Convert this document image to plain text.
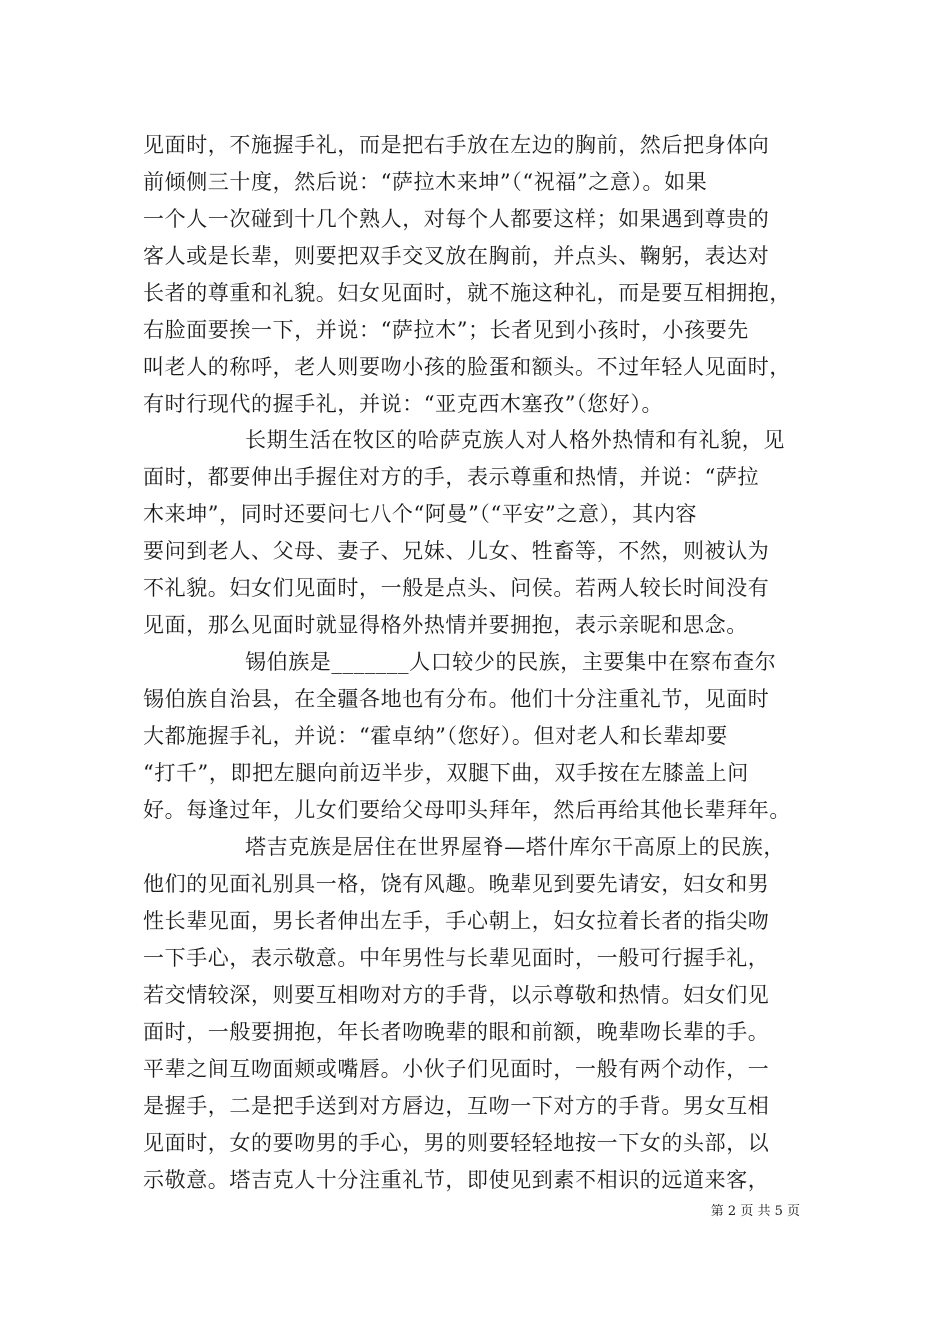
见面时，不施握手礼，而是把右手放在左边的胸前，然后把身体向
前倾侧三十度，然后说：“萨拉木来坤”（“祝福”之意）。如果
一个人一次碰到十几个熟人，对每个人都要这样；如果遇到尊贵的
客人或是长辈，则要把双手交叉放在胸前，并点头、鞠躬，表达对
长者的尊重和礼貌。妇女见面时，就不施这种礼，而是要互相拥抱，
右脸面要挨一下，并说：“萨拉木”；长者见到小孩时，小孩要先
叫老人的称呼，老人则要吻小孩的脸蛋和额头。不过年轻人见面时，
有时行现代的握手礼，并说：“亚克西木塞孜”（您好）。
长期生活在牧区的哈萨克族人对人格外热情和有礼貌，见
面时，都要伸出手握住对方的手，表示尊重和热情，并说：“萨拉
木来坤”，同时还要问七八个“阿曼”（“平安”之意），其内容
要问到老人、父母、妻子、兄妹、儿女、牲畜等，不然，则被认为
不礼貌。妇女们见面时，一般是点头、问侯。若两人较长时间没有
见面，那么见面时就显得格外热情并要拥抱，表示亲昵和思念。
锡伯族是_______人口较少的民族，主要集中在察布查尔
锡伯族自治县，在全疆各地也有分布。他们十分注重礼节，见面时
大都施握手礼，并说：“霍卓纳”（您好）。但对老人和长辈却要
“打千”，即把左腿向前迈半步，双腿下曲，双手按在左膝盖上问
好。每逢过年，儿女们要给父母叩头拜年，然后再给其他长辈拜年。
塔吉克族是居住在世界屋脊—塔什库尔干高原上的民族，
他们的见面礼别具一格，饶有风趣。晚辈见到要先请安，妇女和男
性长辈见面，男长者伸出左手，手心朝上，妇女拉着长者的指尖吻
一下手心，表示敬意。中年男性与长辈见面时，一般可行握手礼，
若交情较深，则要互相吻对方的手背，以示尊敬和热情。妇女们见
面时，一般要拥抱，年长者吻晚辈的眼和前额，晚辈吻长辈的手。
平辈之间互吻面颊或嘴唇。小伙子们见面时，一般有两个动作，一
是握手，二是把手送到对方唇边，互吻一下对方的手背。男女互相
见面时，女的要吻男的手心，男的则要轻轻地按一下女的头部，以
示敬意。塔吉克人十分注重礼节，即使见到素不相识的远道来客，
第 2 页 共 5 页
